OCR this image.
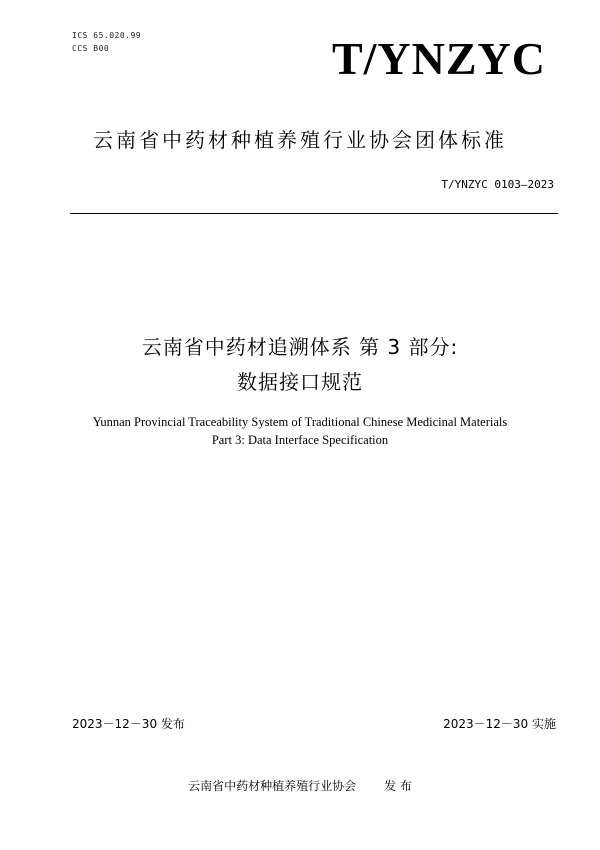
ICS 65.020.99
CCS B00	T/YNZYC
云南省中药材种植养殖行业协会团体标准
T/YNZYC 0103—2023
云南省中药材追溯体系 第 3 部分:
数据接口规范
Yunnan Provincial Traceability System of Traditional Chinese Medicinal Materials
Part 3: Data Interface Specification
2023－12－30 发布	2023－12－30 实施
云南省中药材种植养殖行业协会 发 布
